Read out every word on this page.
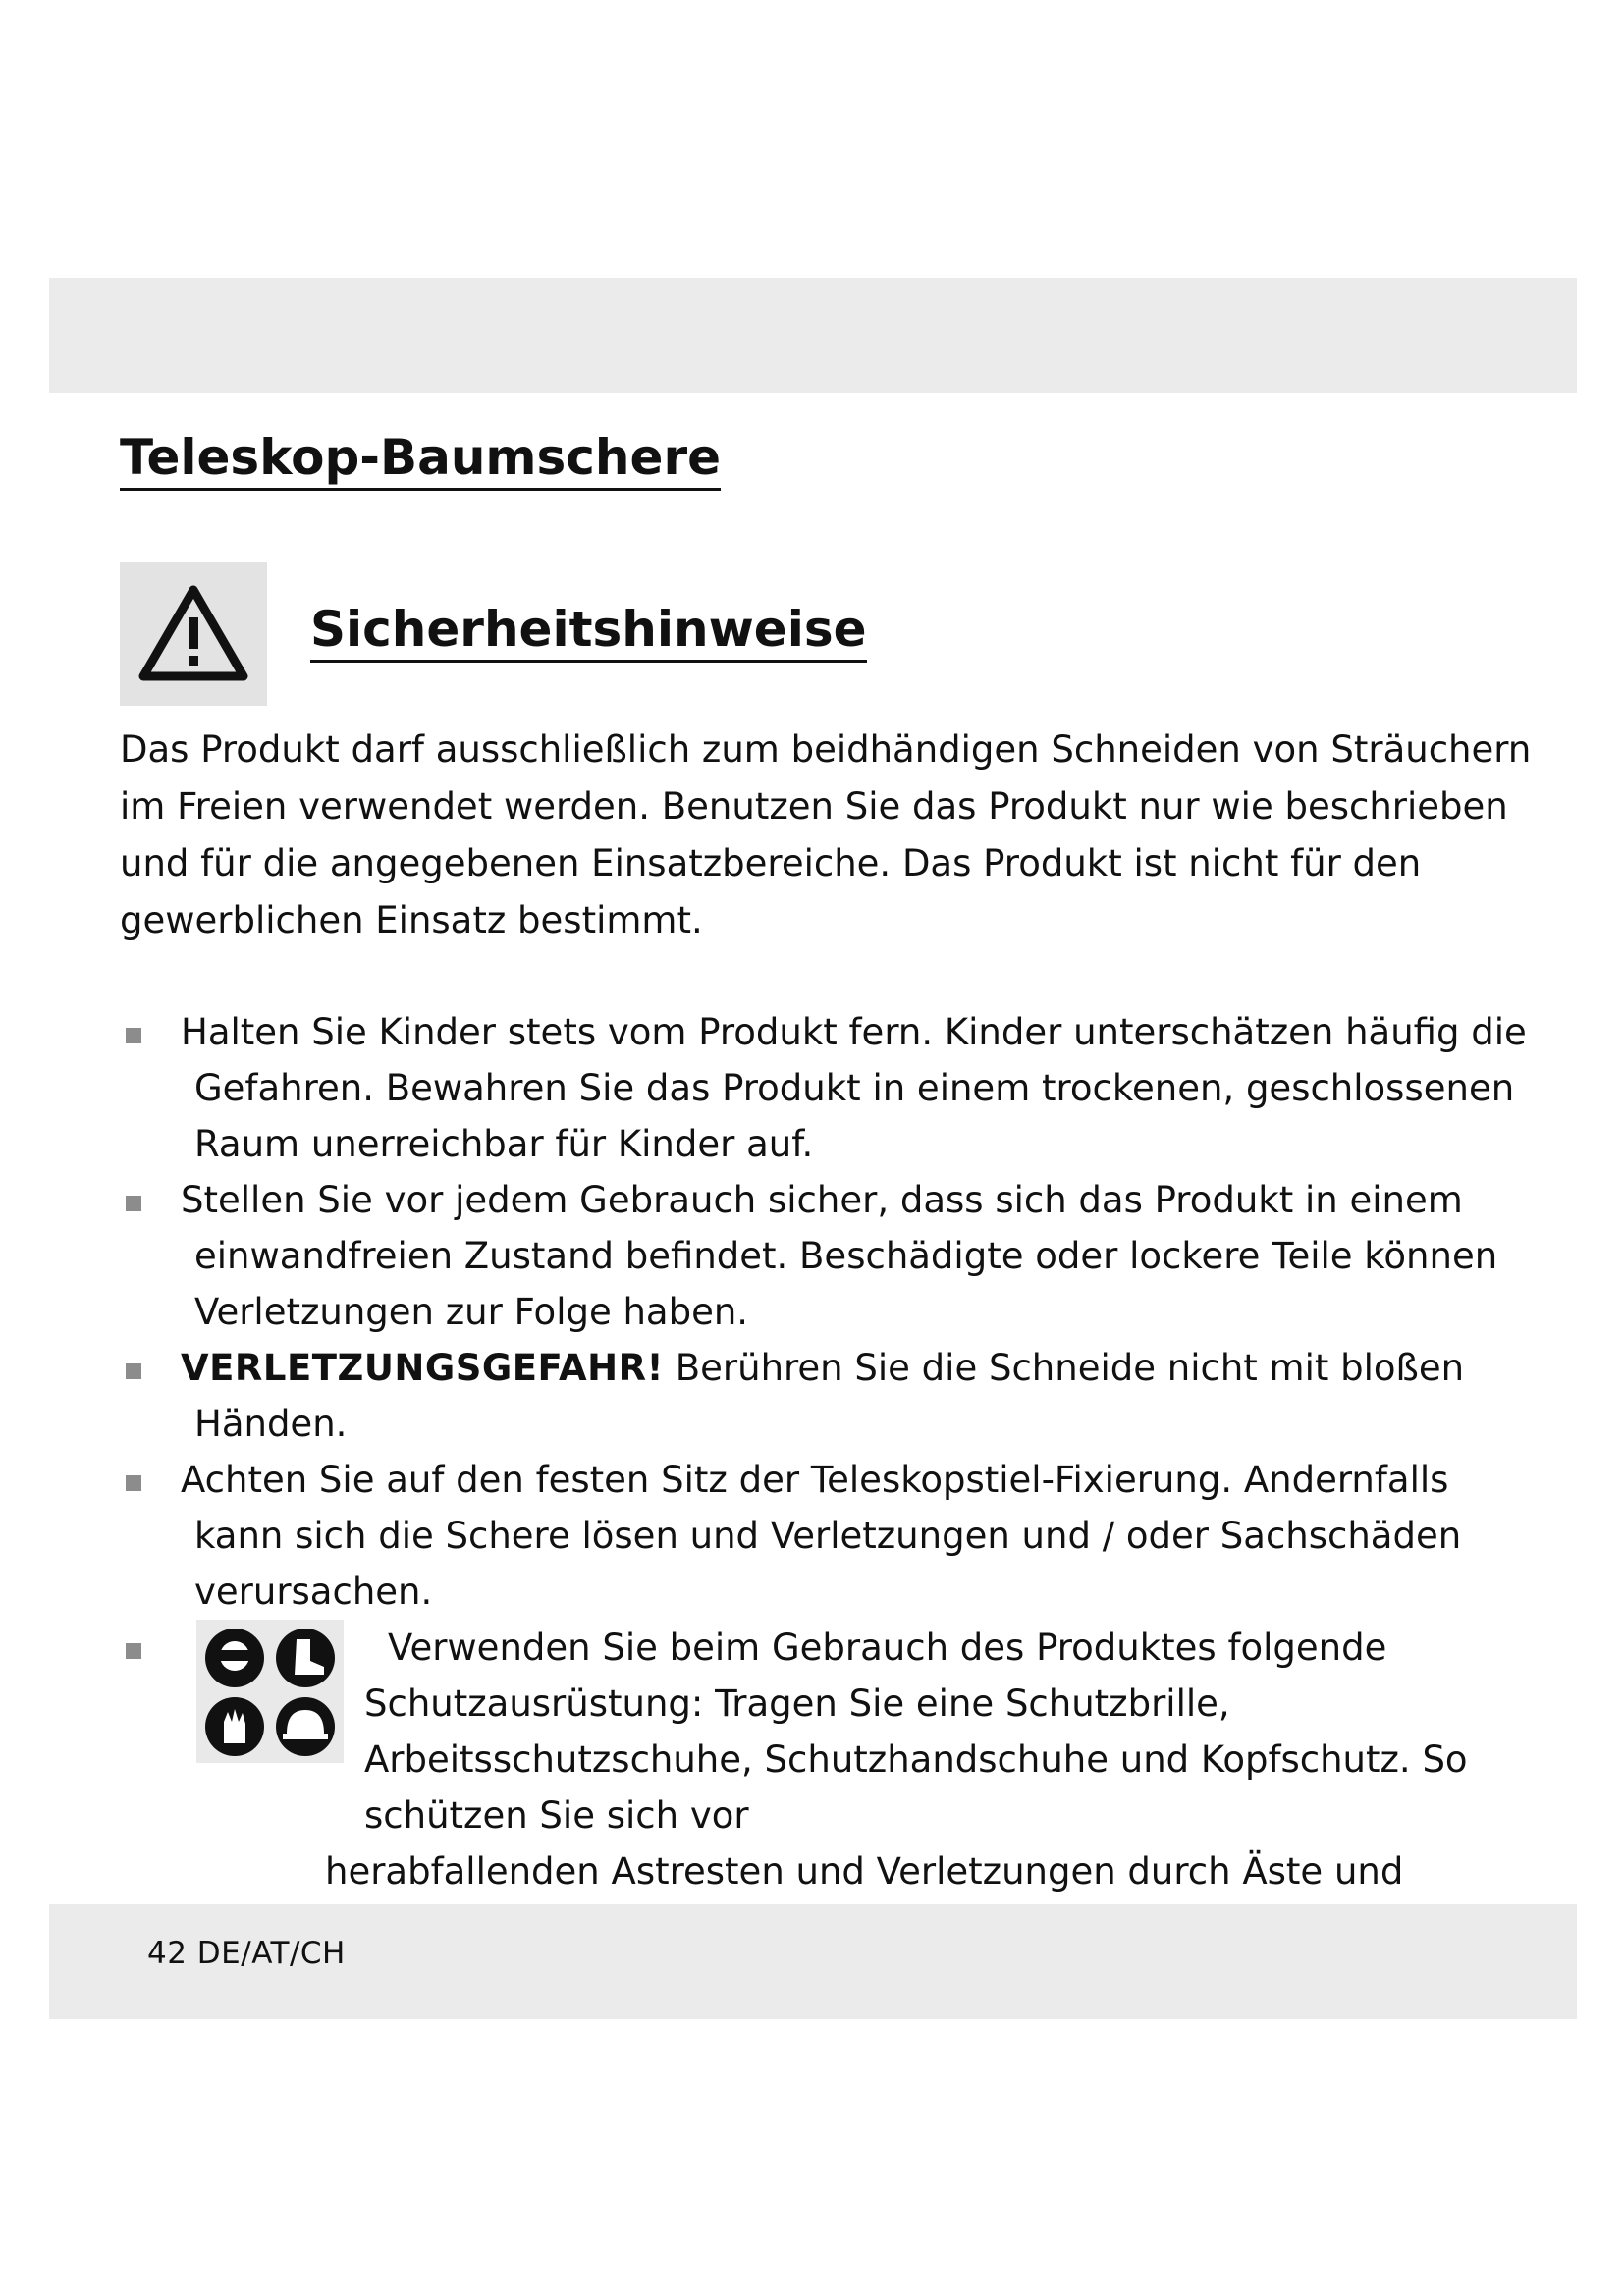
Teleskop-Baumschere
Sicherheitshinweise

Das Produkt darf ausschließlich zum beidhändigen Schneiden von Sträuchern im Freien verwendet werden. Benutzen Sie das Produkt nur wie beschrieben und für die angegebenen Einsatzbereiche. Das Produkt ist nicht für den gewerblichen Einsatz bestimmt.

Halten Sie Kinder stets vom Produkt fern. Kinder unterschätzen häufig die Gefahren. Bewahren Sie das Produkt in einem trockenen, geschlossenen Raum unerreichbar für Kinder auf.
Stellen Sie vor jedem Gebrauch sicher, dass sich das Produkt in einem einwandfreien Zustand befindet. Beschädigte oder lockere Teile können Verletzungen zur Folge haben.
VERLETZUNGSGEFAHR! Berühren Sie die Schneide nicht mit bloßen Händen.
Achten Sie auf den festen Sitz der Teleskopstiel-Fixierung. Andernfalls kann sich die Schere lösen und Verletzungen und / oder Sachschäden verursachen.
Verwenden Sie beim Gebrauch des Produktes folgende Schutzausrüstung: Tragen Sie eine Schutzbrille, Arbeitsschutzschuhe, Schutzhandschuhe und Kopfschutz. So schützen Sie sich vor
herabfallenden Astresten und Verletzungen durch Äste und
42 DE/AT/CH
